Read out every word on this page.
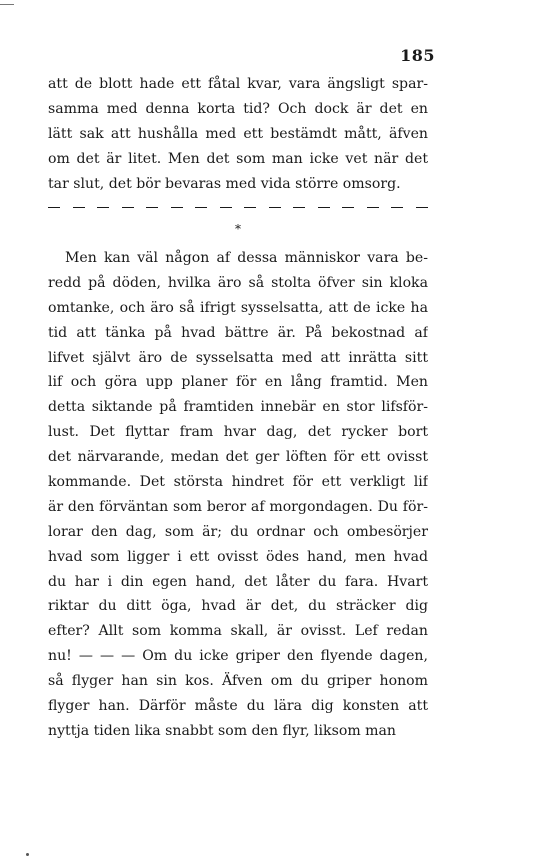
185
att de blott hade ett fåtal kvar, vara ängsligt spar-
samma med denna korta tid? Och dock är det en
lätt sak att hushålla med ett bestämdt mått, äfven
om det är litet. Men det som man icke vet när det
tar slut, det bör bevaras med vida större omsorg.
*
Men kan väl någon af dessa människor vara be-
redd på döden, hvilka äro så stolta öfver sin kloka
omtanke, och äro så ifrigt sysselsatta, att de icke ha
tid att tänka på hvad bättre är. På bekostnad af
lifvet självt äro de sysselsatta med att inrätta sitt
lif och göra upp planer för en lång framtid. Men
detta siktande på framtiden innebär en stor lifsför-
lust. Det flyttar fram hvar dag, det rycker bort
det närvarande, medan det ger löften för ett ovisst
kommande. Det största hindret för ett verkligt lif
är den förväntan som beror af morgondagen. Du för-
lorar den dag, som är; du ordnar och ombesörjer
hvad som ligger i ett ovisst ödes hand, men hvad
du har i din egen hand, det låter du fara. Hvart
riktar du ditt öga, hvad är det, du sträcker dig
efter? Allt som komma skall, är ovisst. Lef redan
nu! — — — Om du icke griper den flyende dagen,
så flyger han sin kos. Äfven om du griper honom
flyger han. Därför måste du lära dig konsten att
nyttja tiden lika snabbt som den flyr, liksom man
